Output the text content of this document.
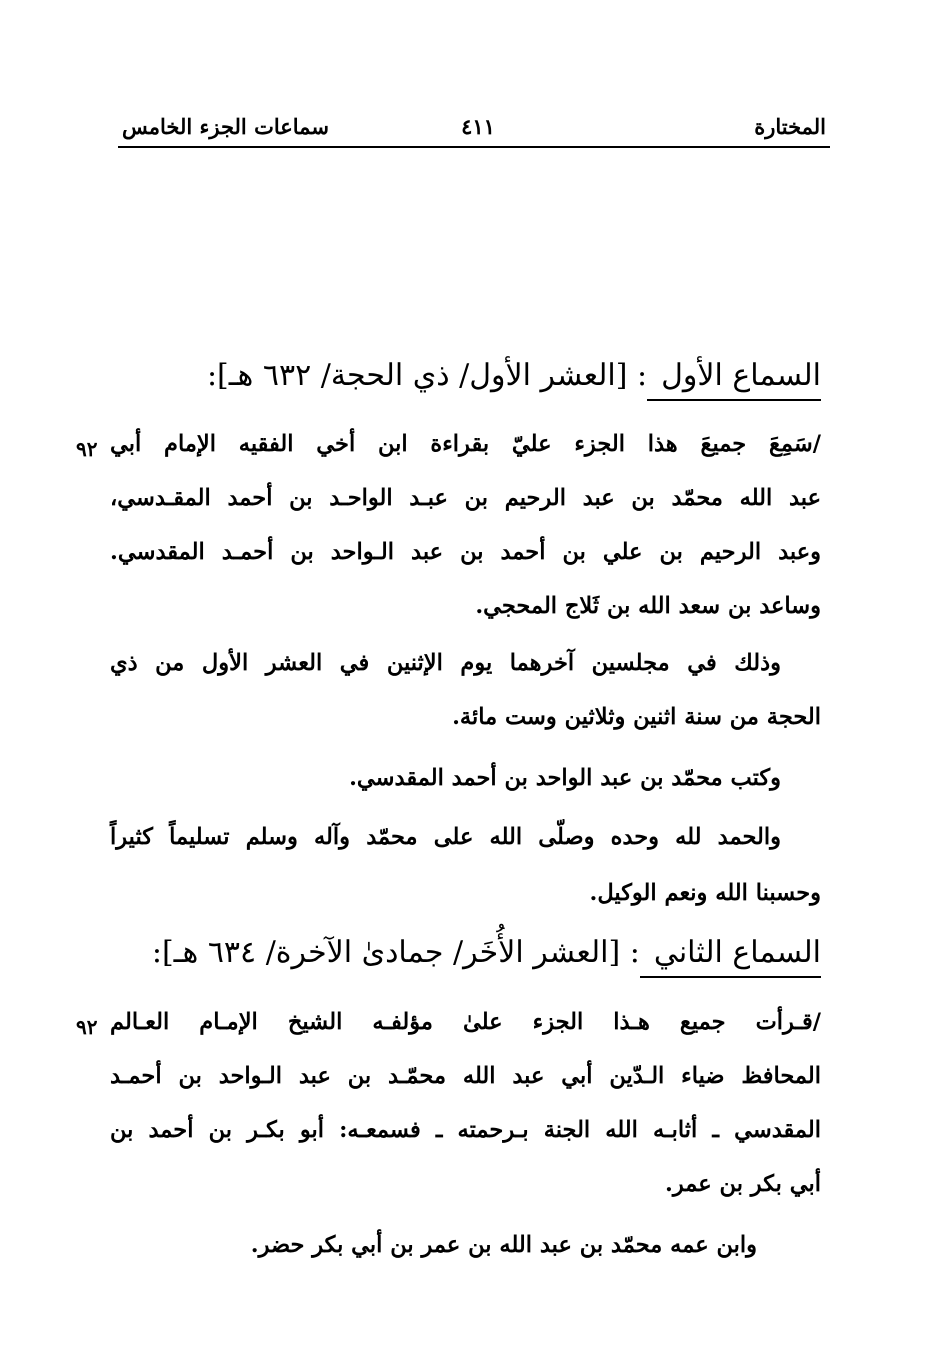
سماعات الجزء الخامس	٤١١	المختارة
السماع الأول: [العشر الأول/ ذي الحجة/ ٦٣٢ هـ]:
/سَمِعَ جميعَ هذا الجزء عليّ بقراءة ابن أخي الفقيه الإمام أبي
٩٢
عبد الله محمّد بن عبد الرحيم بن عبـد الواحـد بن أحمد المقـدسي،
وعبد الرحيم بن علي بن أحمد بن عبد الـواحد بن أحمـد المقدسي.
وساعد بن سعد الله بن ثَلاج المحجي.
وذلك في مجلسين آخرهما يوم الإثنين في العشر الأول من ذي
الحجة من سنة اثنين وثلاثين وست مائة.
وكتب محمّد بن عبد الواحد بن أحمد المقدسي.
والحمد لله وحده وصلّى الله على محمّد وآله وسلم تسليماً كثيراً
وحسبنا الله ونعم الوكيل.
السماع الثاني: [العشر الأُخَر/ جمادىٰ الآخرة/ ٦٣٤ هـ]:
/قـرأت جميع هـذا الجزء علىٰ مؤلفـه الشيخ الإمـام العـالم
٩٢
المحافظ ضياء الـدّين أبي عبد الله محمّـد بن عبد الـواحد بن أحمـد
المقدسي ـ أثابـه الله الجنة بـرحمته ـ فسمعـه: أبو بكـر بن أحمد بن
أبي بكر بن عمر.
وابن عمه محمّد بن عبد الله بن عمر بن أبي بكر حضر.
